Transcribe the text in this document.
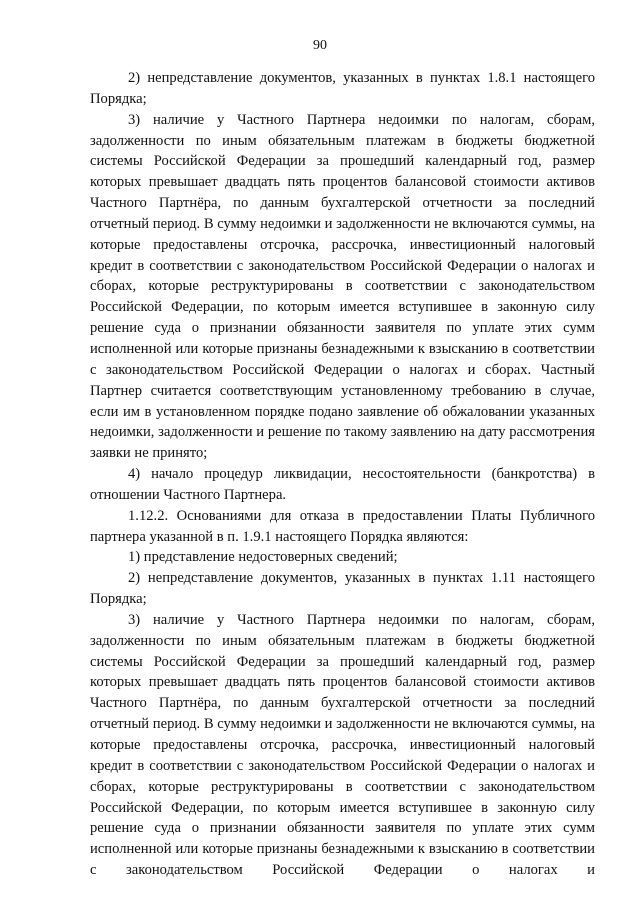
90

2) непредставление документов, указанных в пунктах 1.8.1 настоящего Порядка;

3) наличие у Частного Партнера недоимки по налогам, сборам, задолженности по иным обязательным платежам в бюджеты бюджетной системы Российской Федерации за прошедший календарный год, размер которых превышает двадцать пять процентов балансовой стоимости активов Частного Партнёра, по данным бухгалтерской отчетности за последний отчетный период. В сумму недоимки и задолженности не включаются суммы, на которые предоставлены отсрочка, рассрочка, инвестиционный налоговый кредит в соответствии с законодательством Российской Федерации о налогах и сборах, которые реструктурированы в соответствии с законодательством Российской Федерации, по которым имеется вступившее в законную силу решение суда о признании обязанности заявителя по уплате этих сумм исполненной или которые признаны безнадежными к взысканию в соответствии с законодательством Российской Федерации о налогах и сборах. Частный Партнер считается соответствующим установленному требованию в случае, если им в установленном порядке подано заявление об обжаловании указанных недоимки, задолженности и решение по такому заявлению на дату рассмотрения заявки не принято;

4) начало процедур ликвидации, несостоятельности (банкротства) в отношении Частного Партнера.

1.12.2. Основаниями для отказа в предоставлении Платы Публичного партнера указанной в п. 1.9.1 настоящего Порядка являются:

1) представление недостоверных сведений;

2) непредставление документов, указанных в пунктах 1.11 настоящего Порядка;

3) наличие у Частного Партнера недоимки по налогам, сборам, задолженности по иным обязательным платежам в бюджеты бюджетной системы Российской Федерации за прошедший календарный год, размер которых превышает двадцать пять процентов балансовой стоимости активов Частного Партнёра, по данным бухгалтерской отчетности за последний отчетный период. В сумму недоимки и задолженности не включаются суммы, на которые предоставлены отсрочка, рассрочка, инвестиционный налоговый кредит в соответствии с законодательством Российской Федерации о налогах и сборах, которые реструктурированы в соответствии с законодательством Российской Федерации, по которым имеется вступившее в законную силу решение суда о признании обязанности заявителя по уплате этих сумм исполненной или которые признаны безнадежными к взысканию в соответствии с законодательством Российской Федерации о налогах и
